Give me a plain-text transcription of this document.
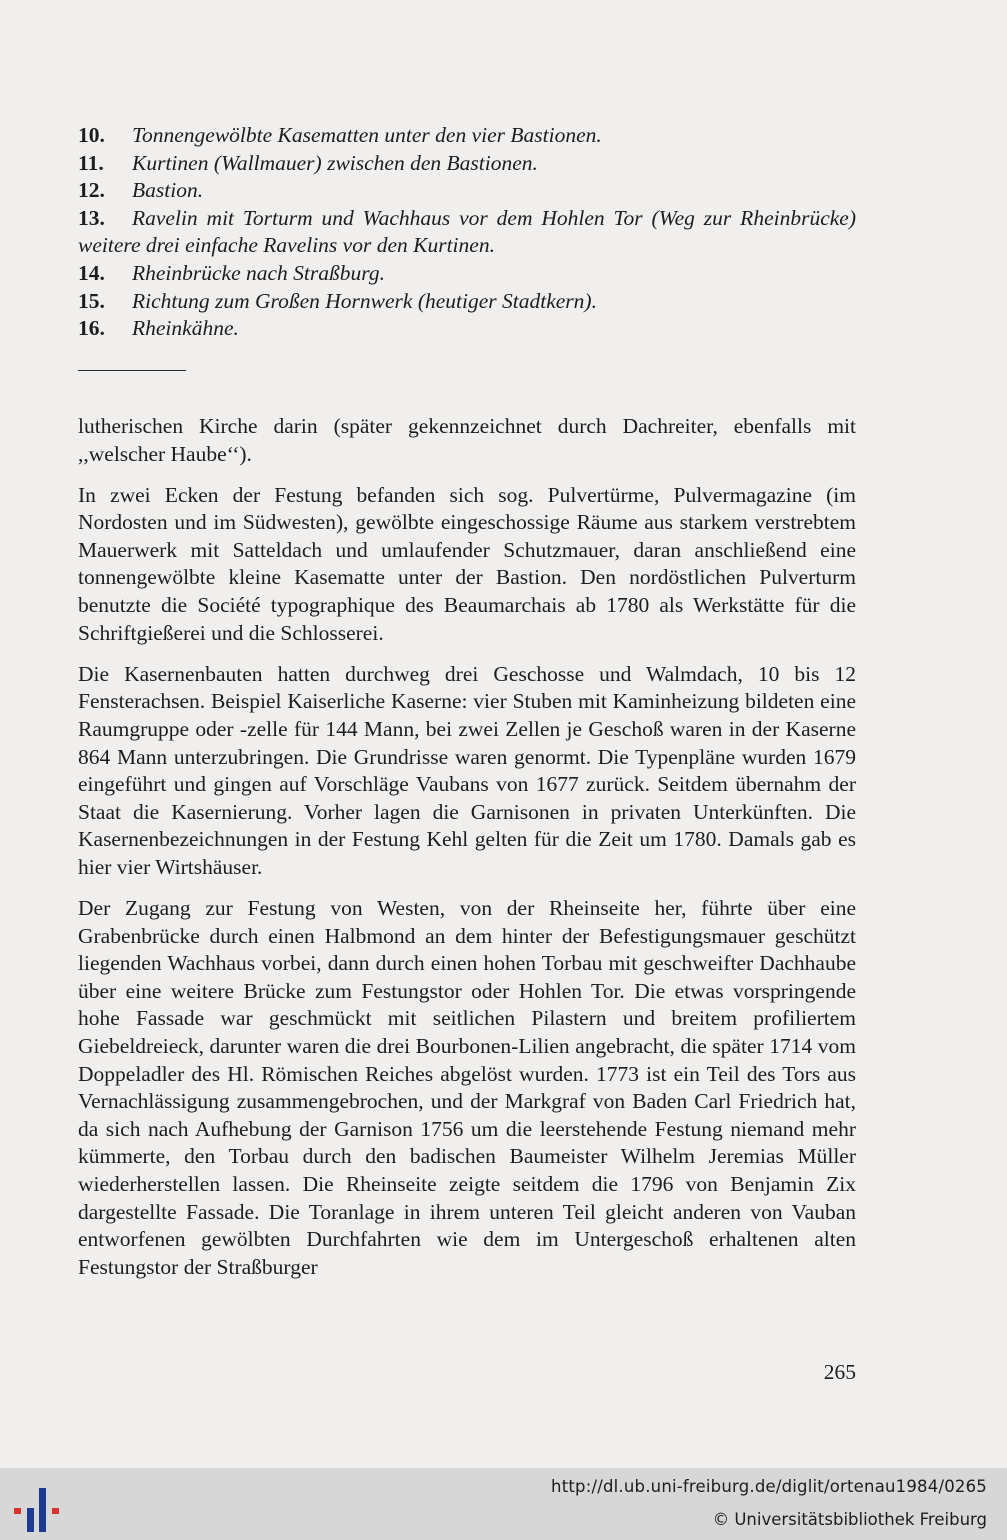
10. Tonnengewölbte Kasematten unter den vier Bastionen.
11. Kurtinen (Wallmauer) zwischen den Bastionen.
12. Bastion.
13. Ravelin mit Torturm und Wachhaus vor dem Hohlen Tor (Weg zur Rheinbrücke) weitere drei einfache Ravelins vor den Kurtinen.
14. Rheinbrücke nach Straßburg.
15. Richtung zum Großen Hornwerk (heutiger Stadtkern).
16. Rheinkähne.

lutherischen Kirche darin (später gekennzeichnet durch Dachreiter, ebenfalls mit ,,welscher Haube‘‘).

In zwei Ecken der Festung befanden sich sog. Pulvertürme, Pulvermagazine (im Nordosten und im Südwesten), gewölbte eingeschossige Räume aus starkem verstrebtem Mauerwerk mit Satteldach und umlaufender Schutzmauer, daran anschließend eine tonnengewölbte kleine Kasematte unter der Bastion. Den nordöstlichen Pulverturm benutzte die Société typographique des Beaumarchais ab 1780 als Werkstätte für die Schriftgießerei und die Schlosserei.

Die Kasernenbauten hatten durchweg drei Geschosse und Walmdach, 10 bis 12 Fensterachsen. Beispiel Kaiserliche Kaserne: vier Stuben mit Kaminheizung bildeten eine Raumgruppe oder -zelle für 144 Mann, bei zwei Zellen je Geschoß waren in der Kaserne 864 Mann unterzubringen. Die Grundrisse waren genormt. Die Typenpläne wurden 1679 eingeführt und gingen auf Vorschläge Vaubans von 1677 zurück. Seitdem übernahm der Staat die Kasernierung. Vorher lagen die Garnisonen in privaten Unterkünften. Die Kasernenbezeichnungen in der Festung Kehl gelten für die Zeit um 1780. Damals gab es hier vier Wirtshäuser.

Der Zugang zur Festung von Westen, von der Rheinseite her, führte über eine Grabenbrücke durch einen Halbmond an dem hinter der Befestigungsmauer geschützt liegenden Wachhaus vorbei, dann durch einen hohen Torbau mit geschweifter Dachhaube über eine weitere Brücke zum Festungstor oder Hohlen Tor. Die etwas vorspringende hohe Fassade war geschmückt mit seitlichen Pilastern und breitem profiliertem Giebeldreieck, darunter waren die drei Bourbonen-Lilien angebracht, die später 1714 vom Doppeladler des Hl. Römischen Reiches abgelöst wurden. 1773 ist ein Teil des Tors aus Vernachlässigung zusammengebrochen, und der Markgraf von Baden Carl Friedrich hat, da sich nach Aufhebung der Garnison 1756 um die leerstehende Festung niemand mehr kümmerte, den Torbau durch den badischen Baumeister Wilhelm Jeremias Müller wiederherstellen lassen. Die Rheinseite zeigte seitdem die 1796 von Benjamin Zix dargestellte Fassade. Die Toranlage in ihrem unteren Teil gleicht anderen von Vauban entworfenen gewölbten Durchfahrten wie dem im Untergeschoß erhaltenen alten Festungstor der Straßburger

265
http://dl.ub.uni-freiburg.de/diglit/ortenau1984/0265
© Universitätsbibliothek Freiburg
